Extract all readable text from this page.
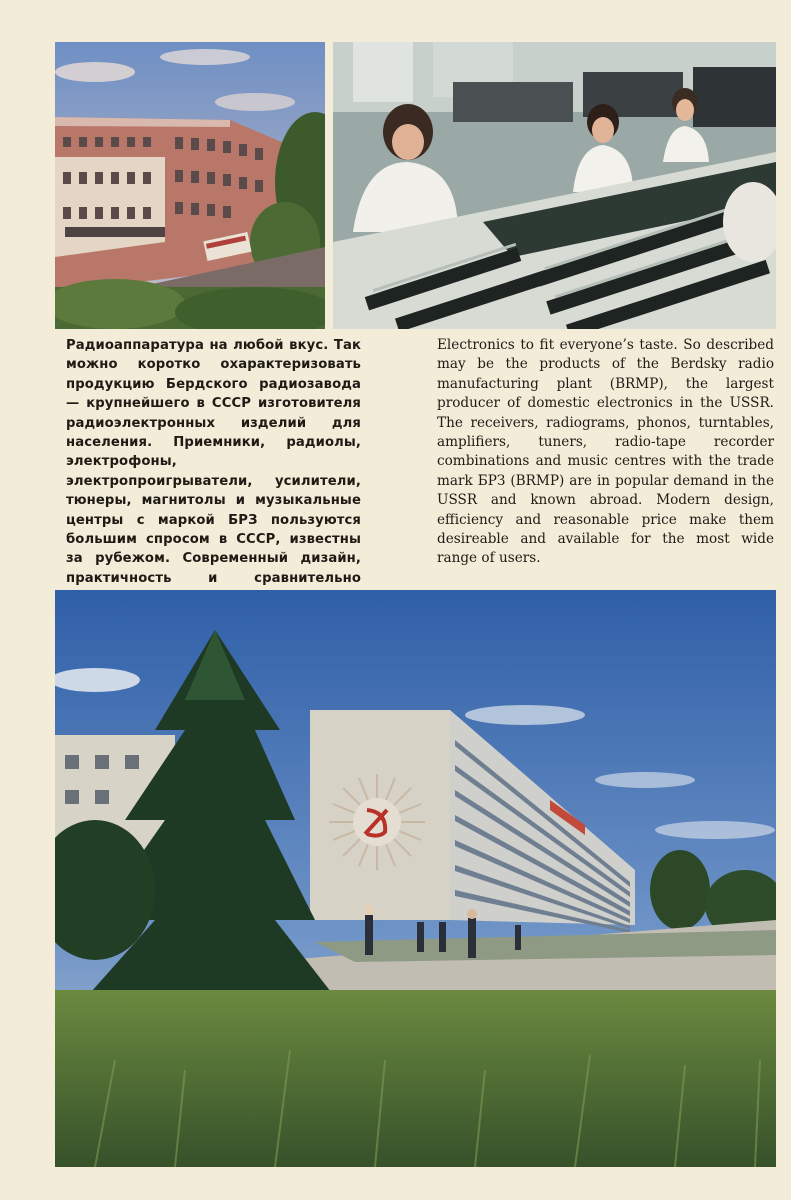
Радиоаппаратура на любой вкус. Так можно коротко охарактеризовать продукцию Бердского радиозавода — крупнейшего в СССР изготовителя радиоэлектронных изделий для населения. Приемники, радиолы, электрофоны, электропроигрыватели, усилители, тюнеры, магнитолы и музыкальные центры с маркой БРЗ пользуются большим спросом в СССР, известны за рубежом. Современный дизайн, практичность и сравнительно

Electronics to fit everyone’s taste. So described may be the products of the Berdsky radio manufacturing plant (BRMP), the largest producer of domestic electronics in the USSR. The receivers, radiograms, phonos, turntables, amplifiers, tuners, radio-tape recorder combinations and music centres with the trade mark БРЗ (BRMP) are in popular demand in the USSR and known abroad. Modern design, efficiency and reasonable price make them desireable and available for the most wide range of users.
